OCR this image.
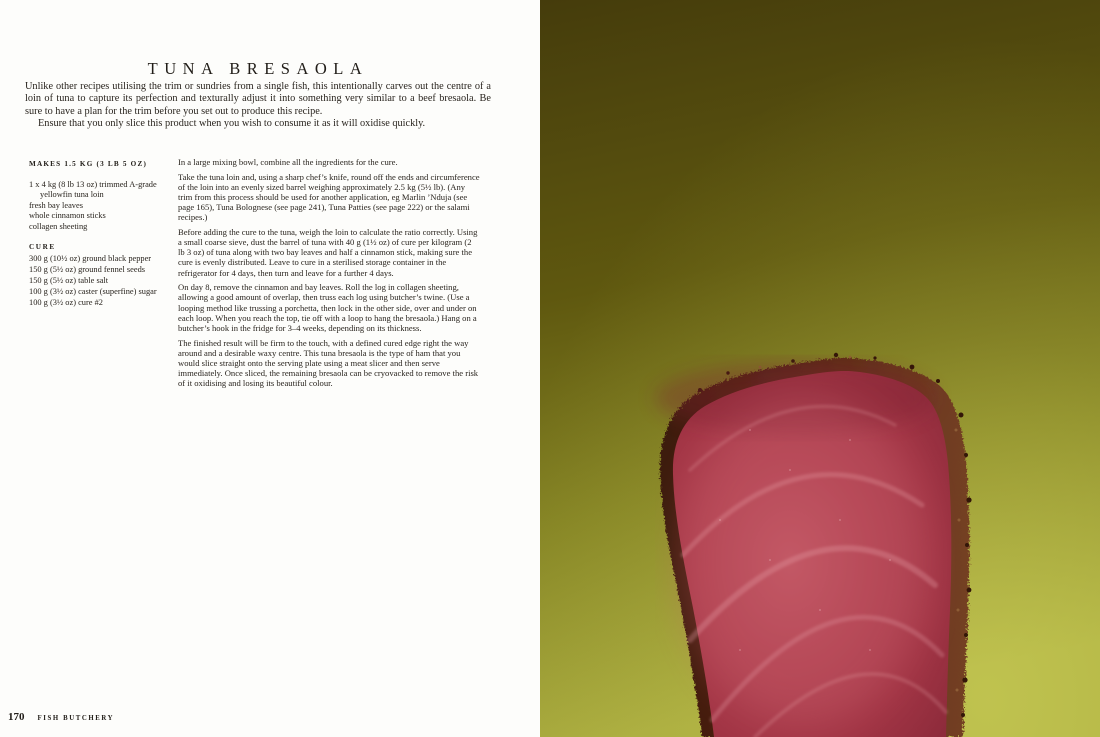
TUNA BRESAOLA

Unlike other recipes utilising the trim or sundries from a single fish, this intentionally carves out the centre of a loin of tuna to capture its perfection and texturally adjust it into something very similar to a beef bresaola. Be sure to have a plan for the trim before you set out to produce this recipe.

Ensure that you only slice this product when you wish to consume it as it will oxidise quickly.

MAKES 1.5 KG (3 LB 5 OZ)

1 x 4 kg (8 lb 13 oz) trimmed A-grade yellowfin tuna loin
fresh bay leaves
whole cinnamon sticks
collagen sheeting

CURE

300 g (10½ oz) ground black pepper
150 g (5½ oz) ground fennel seeds
150 g (5½ oz) table salt
100 g (3½ oz) caster (superfine) sugar
100 g (3½ oz) cure #2

In a large mixing bowl, combine all the ingredients for the cure.

Take the tuna loin and, using a sharp chef’s knife, round off the ends and circumference of the loin into an evenly sized barrel weighing approximately 2.5 kg (5½ lb). (Any trim from this process should be used for another application, eg Marlin ’Nduja (see page 165), Tuna Bolognese (see page 241), Tuna Patties (see page 222) or the salami recipes.)

Before adding the cure to the tuna, weigh the loin to calculate the ratio correctly. Using a small coarse sieve, dust the barrel of tuna with 40 g (1½ oz) of cure per kilogram (2 lb 3 oz) of tuna along with two bay leaves and half a cinnamon stick, making sure the cure is evenly distributed. Leave to cure in a sterilised storage container in the refrigerator for 4 days, then turn and leave for a further 4 days.

On day 8, remove the cinnamon and bay leaves. Roll the log in collagen sheeting, allowing a good amount of overlap, then truss each log using butcher’s twine. (Use a looping method like trussing a porchetta, then lock in the other side, over and under on each loop. When you reach the top, tie off with a loop to hang the bresaola.) Hang on a butcher’s hook in the fridge for 3–4 weeks, depending on its thickness.

The finished result will be firm to the touch, with a defined cured edge right the way around and a desirable waxy centre. This tuna bresaola is the type of ham that you would slice straight onto the serving plate using a meat slicer and then serve immediately. Once sliced, the remaining bresaola can be cryovacked to remove the risk of it oxidising and losing its beautiful colour.

170 FISH BUTCHERY
